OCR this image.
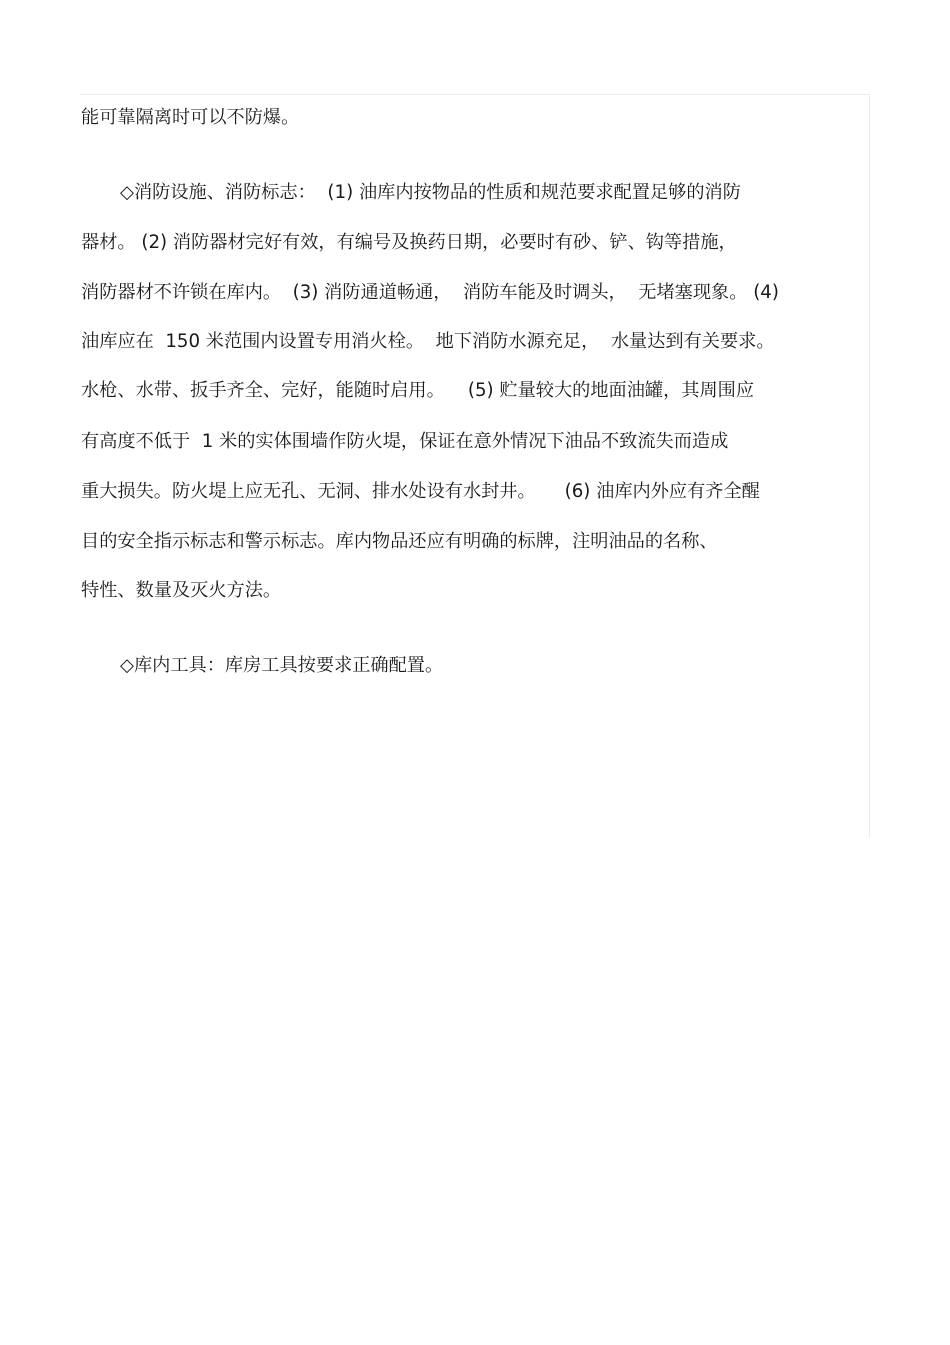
能可靠隔离时可以不防爆。
◇消防设施、消防标志：  (1) 油库内按物品的性质和规范要求配置足够的消防
器材。 (2) 消防器材完好有效，有编号及换药日期，必要时有砂、铲、钩等措施，
消防器材不许锁在库内。  (3) 消防通道畅通，  消防车能及时调头，  无堵塞现象。 (4)
油库应在  150 米范围内设置专用消火栓。  地下消防水源充足，  水量达到有关要求。
水枪、水带、扳手齐全、完好，能随时启用。    (5) 贮量较大的地面油罐，其周围应
有高度不低于  1 米的实体围墙作防火堤，保证在意外情况下油品不致流失而造成
重大损失。防火堤上应无孔、无洞、排水处设有水封井。     (6) 油库内外应有齐全醒
目的安全指示标志和警示标志。库内物品还应有明确的标牌，注明油品的名称、
特性、数量及灭火方法。
◇库内工具：库房工具按要求正确配置。
